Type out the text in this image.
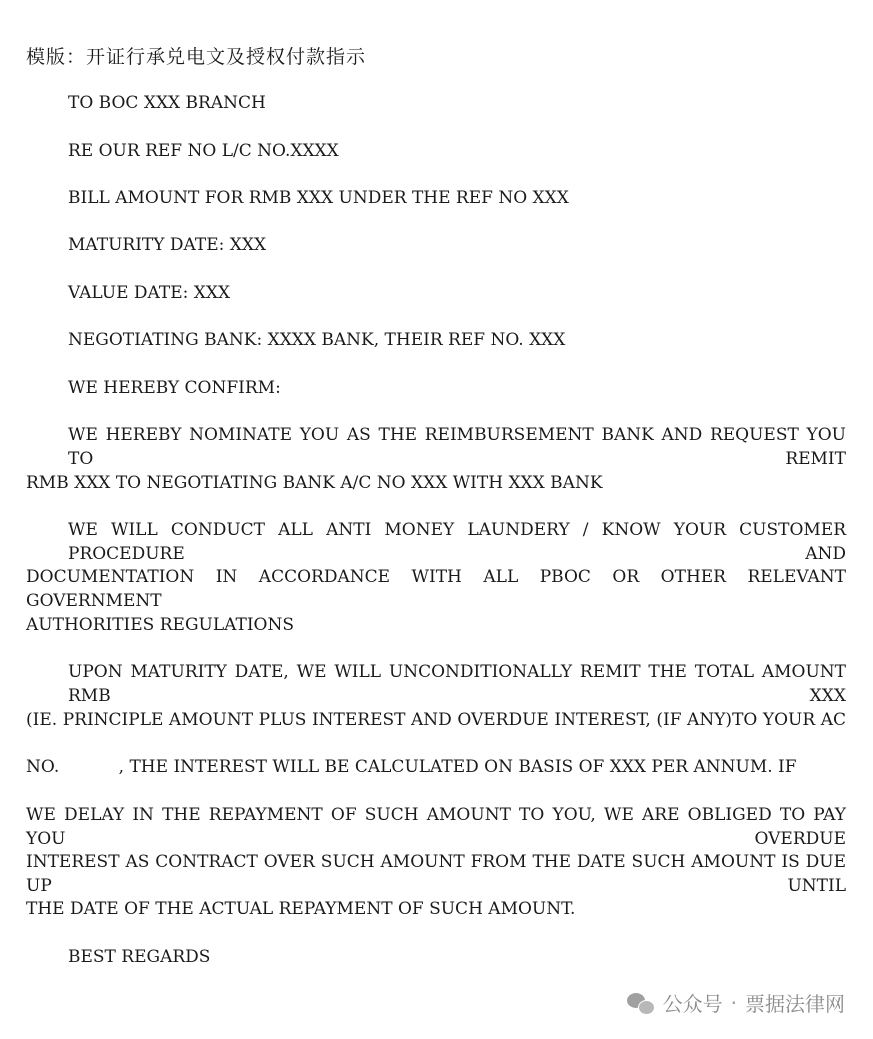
模版：开证行承兑电文及授权付款指示
TO BOC XXX BRANCH
RE OUR REF NO L/C NO.XXXX
BILL AMOUNT FOR RMB XXX UNDER THE REF NO XXX
MATURITY DATE: XXX
VALUE DATE: XXX
NEGOTIATING BANK: XXXX BANK, THEIR REF NO. XXX
WE HEREBY CONFIRM:
WE HEREBY NOMINATE YOU AS THE REIMBURSEMENT BANK AND REQUEST YOU TO REMIT
RMB XXX TO NEGOTIATING BANK A/C NO XXX WITH XXX BANK
WE WILL CONDUCT ALL ANTI MONEY LAUNDERY / KNOW YOUR CUSTOMER PROCEDURE AND
DOCUMENTATION IN ACCORDANCE WITH ALL PBOC OR OTHER RELEVANT GOVERNMENT
AUTHORITIES REGULATIONS
UPON MATURITY DATE, WE WILL UNCONDITIONALLY REMIT THE TOTAL AMOUNT RMB XXX
(IE. PRINCIPLE AMOUNT PLUS INTEREST AND OVERDUE INTEREST, (IF ANY)TO YOUR AC
NO.           , THE INTEREST WILL BE CALCULATED ON BASIS OF XXX PER ANNUM. IF
WE DELAY IN THE REPAYMENT OF SUCH AMOUNT TO YOU, WE ARE OBLIGED TO PAY YOU OVERDUE
INTEREST AS CONTRACT OVER SUCH AMOUNT FROM THE DATE SUCH AMOUNT IS DUE UP UNTIL
THE DATE OF THE ACTUAL REPAYMENT OF SUCH AMOUNT.
BEST REGARDS
公众号 · 票据法律网
